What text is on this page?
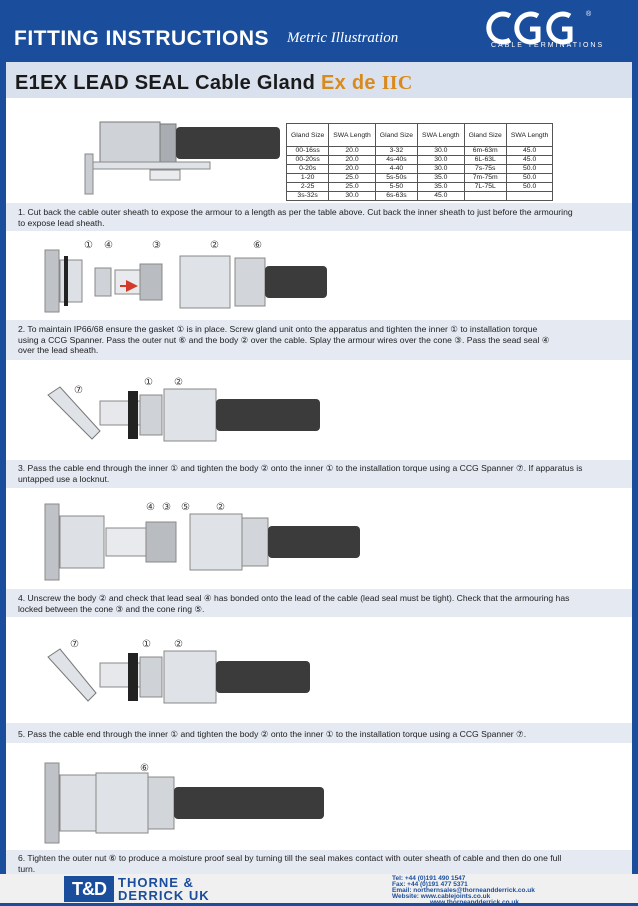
FITTING INSTRUCTIONS Metric Illustration
®
CABLE TERMINATIONS
E1EX LEAD SEAL Cable Gland Ex de IIC
Gland Size	SWA Length	Gland Size	SWA Length	Gland Size	SWA Length
00-16ss	20.0	3-32	30.0	6m-63m	45.0
00-20ss	20.0	4s-40s	30.0	6L-63L	45.0
0-20s	20.0	4-40	30.0	7s-75s	50.0
1-20	25.0	5s-50s	35.0	7m-75m	50.0
2-25	25.0	5-50	35.0	7L-75L	50.0
3s-32s	30.0	6s-63s	45.0		
1. Cut back the cable outer sheath to expose the armour to a length as per the table above. Cut back the inner sheath to just before the armouring to expose lead sheath.
① ④	③	②	⑥
2. To maintain IP66/68 ensure the gasket ① is in place. Screw gland unit onto the apparatus and tighten the inner ① to installation torque using a CCG Spanner. Pass the outer nut ⑥ and the body ② over the cable. Splay the armour wires over the cone ③. Pass the sead seal ④ over the lead sheath.
⑦
① ②
3. Pass the cable end through the inner ① and tighten the body ② onto the inner ① to the installation torque using a CCG Spanner ⑦. If apparatus is untapped use a locknut.
④ ③ ⑤	②
4. Unscrew the body ② and check that lead seal ④ has bonded onto the lead of the cable (lead seal must be tight). Check that the armouring has locked between the cone ③ and the cone ring ⑤.
⑦	① ②
5. Pass the cable end through the inner ① and tighten the body ② onto the inner ① to the installation torque using a CCG Spanner ⑦.
⑥
6. Tighten the outer nut ⑥ to produce a moisture proof seal by turning till the seal makes contact with outer sheath of cable and then do one full turn.
T&D THORNE &
DERRICK UK
Tel: +44 (0)191 490 1547
Fax: +44 (0)191 477 5371
Email: northernsales@thorneandderrick.co.uk
Website: www.cablejoints.co.uk
www.thorneandderrick.co.uk
